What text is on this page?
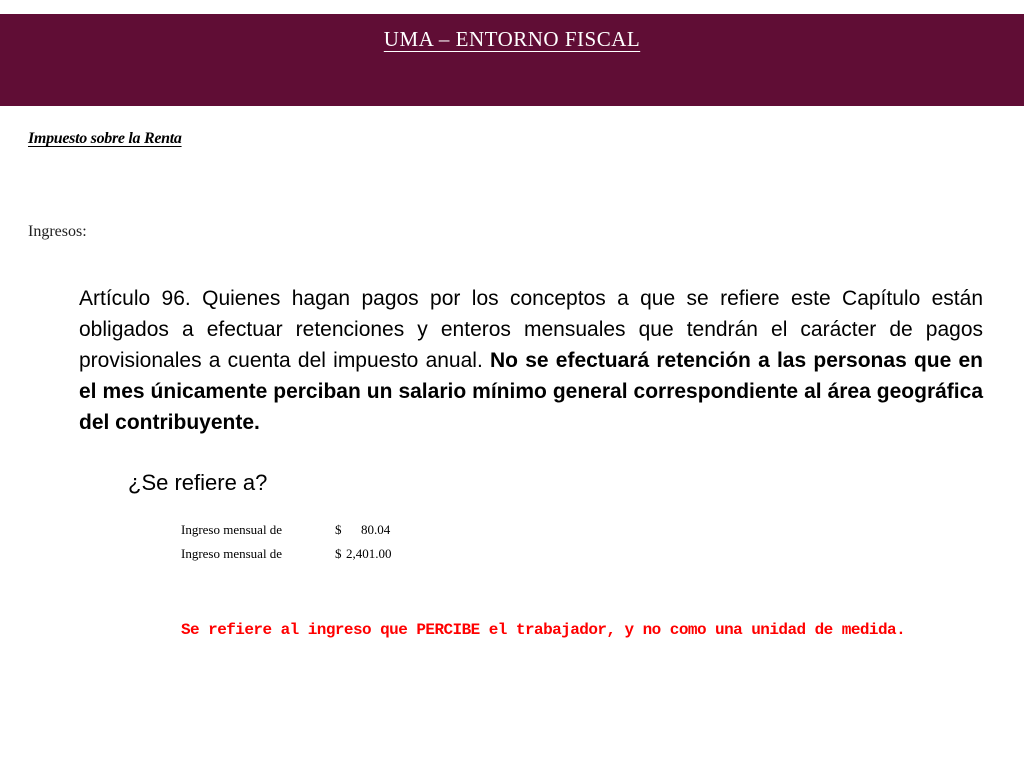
UMA – ENTORNO FISCAL
Impuesto sobre la Renta
Ingresos:

Artículo 96. Quienes hagan pagos por los conceptos a que se refiere este Capítulo están obligados a efectuar retenciones y enteros mensuales que tendrán el carácter de pagos provisionales a cuenta del impuesto anual. No se efectuará retención a las personas que en el mes únicamente perciban un salario mínimo general correspondiente al área geográfica del contribuyente.

¿Se refiere a?
Ingreso mensual de	$ 80.04
Ingreso mensual de	$ 2,401.00
Se refiere al ingreso que PERCIBE el trabajador, y no como una unidad de medida.
